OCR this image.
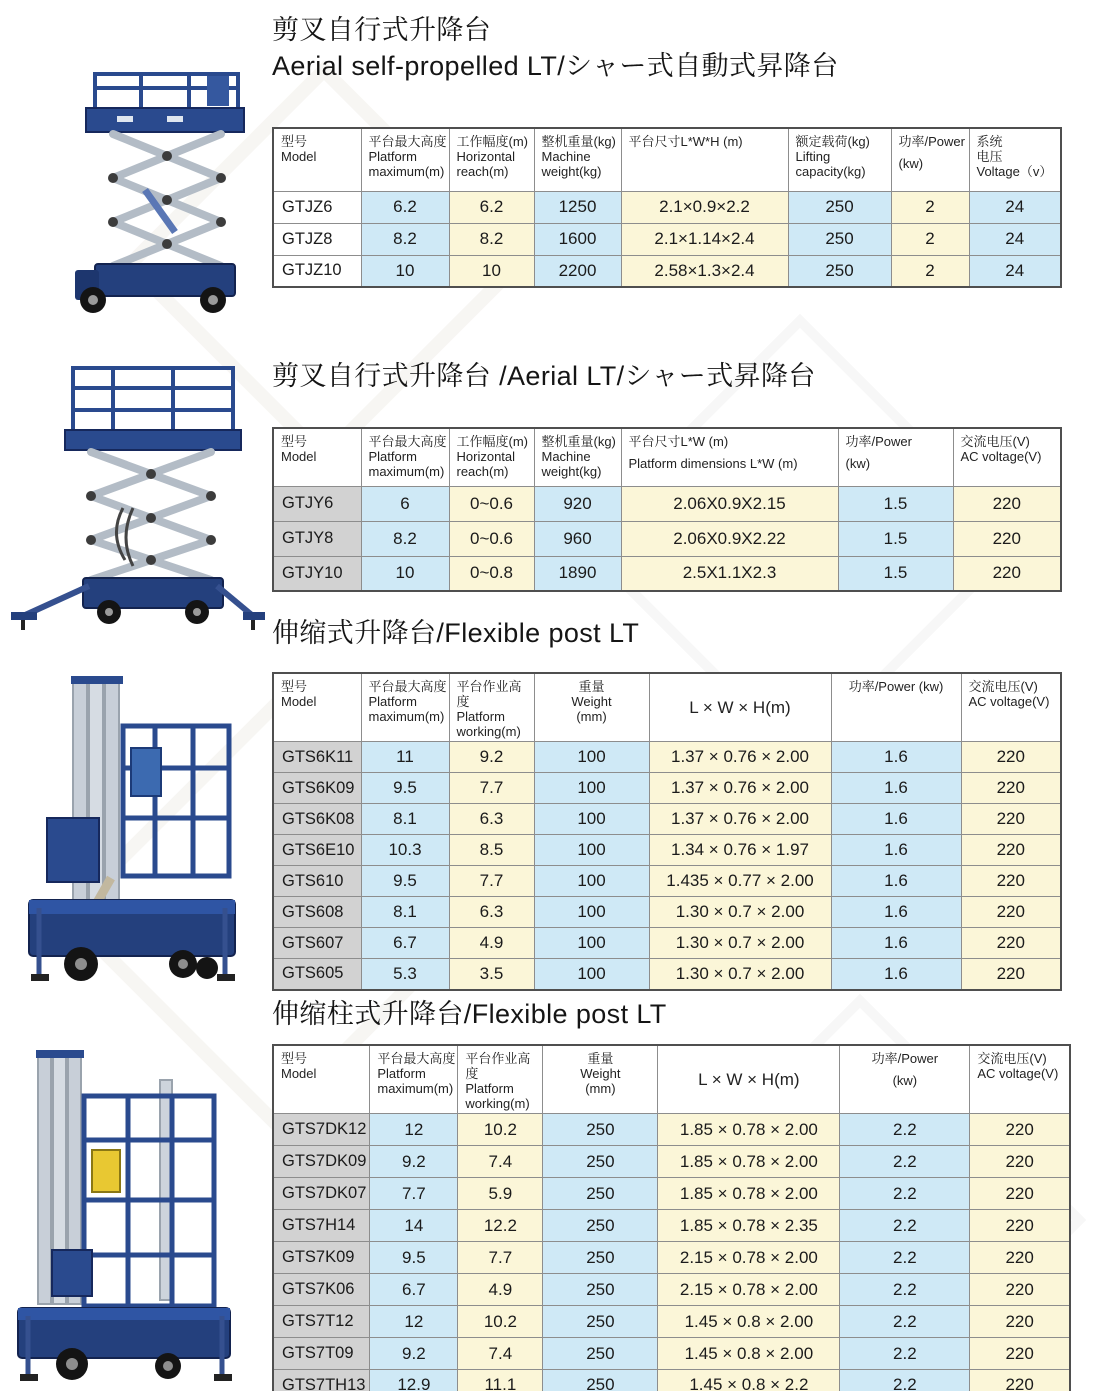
剪叉自行式升降台
Aerial self-propelled LT/シャー式自動式昇降台
型号
Model

平台最大高度
Platform
maximum(m)

工作幅度(m)
Horizontal
reach(m)

整机重量(kg)
Machine
weight(kg)

平台尺寸L*W*H (m)	额定载荷(kg)
Lifting
capacity(kg)

功率/Power
(kw)

系统
电压
Voltage（v）

GTJZ6	6.2	6.2	1250	2.1×0.9×2.2	250	2	24
GTJZ8	8.2	8.2	1600	2.1×1.14×2.4	250	2	24
GTJZ10	10	10	2200	2.58×1.3×2.4	250	2	24
剪叉自行式升降台 /Aerial LT/シャー式昇降台
型号
Model

平台最大高度
Platform
maximum(m)

工作幅度(m)
Horizontal
reach(m)

整机重量(kg)
Machine
weight(kg)

平台尺寸L*W (m)
Platform dimensions L*W (m)

功率/Power
(kw)

交流电压(V)
AC voltage(V)

GTJY6	6	0~0.6	920	2.06X0.9X2.15	1.5	220
GTJY8	8.2	0~0.6	960	2.06X0.9X2.22	1.5	220
GTJY10	10	0~0.8	1890	2.5X1.1X2.3	1.5	220
伸缩式升降台/Flexible post LT
型号
Model

平台最大高度
Platform
maximum(m)

平台作业高度
Platform
working(m)

重量
Weight
(mm)	L × W × H(m)

功率/Power (kw)	交流电压(V)
AC voltage(V)

GTS6K11	11	9.2	100	1.37 × 0.76 × 2.00	1.6	220
GTS6K09	9.5	7.7	100	1.37 × 0.76 × 2.00	1.6	220
GTS6K08	8.1	6.3	100	1.37 × 0.76 × 2.00	1.6	220
GTS6E10	10.3	8.5	100	1.34 × 0.76 × 1.97	1.6	220
GTS610	9.5	7.7	100	1.435 × 0.77 × 2.00	1.6	220
GTS608	8.1	6.3	100	1.30 × 0.7 × 2.00	1.6	220
GTS607	6.7	4.9	100	1.30 × 0.7 × 2.00	1.6	220
GTS605	5.3	3.5	100	1.30 × 0.7 × 2.00	1.6	220
伸缩柱式升降台/Flexible post LT
型号
Model

平台最大高度
Platform
maximum(m)

平台作业高度
Platform
working(m)

重量
Weight
(mm)	L × W × H(m)

功率/Power
(kw)

交流电压(V)
AC voltage(V)

GTS7DK12	12	10.2	250	1.85 × 0.78 × 2.00	2.2	220
GTS7DK09	9.2	7.4	250	1.85 × 0.78 × 2.00	2.2	220
GTS7DK07	7.7	5.9	250	1.85 × 0.78 × 2.00	2.2	220
GTS7H14	14	12.2	250	1.85 × 0.78 × 2.35	2.2	220
GTS7K09	9.5	7.7	250	2.15 × 0.78 × 2.00	2.2	220
GTS7K06	6.7	4.9	250	2.15 × 0.78 × 2.00	2.2	220
GTS7T12	12	10.2	250	1.45 × 0.8 × 2.00	2.2	220
GTS7T09	9.2	7.4	250	1.45 × 0.8 × 2.00	2.2	220
GTS7TH13	12.9	11.1	250	1.45 × 0.8 × 2.2	2.2	220
